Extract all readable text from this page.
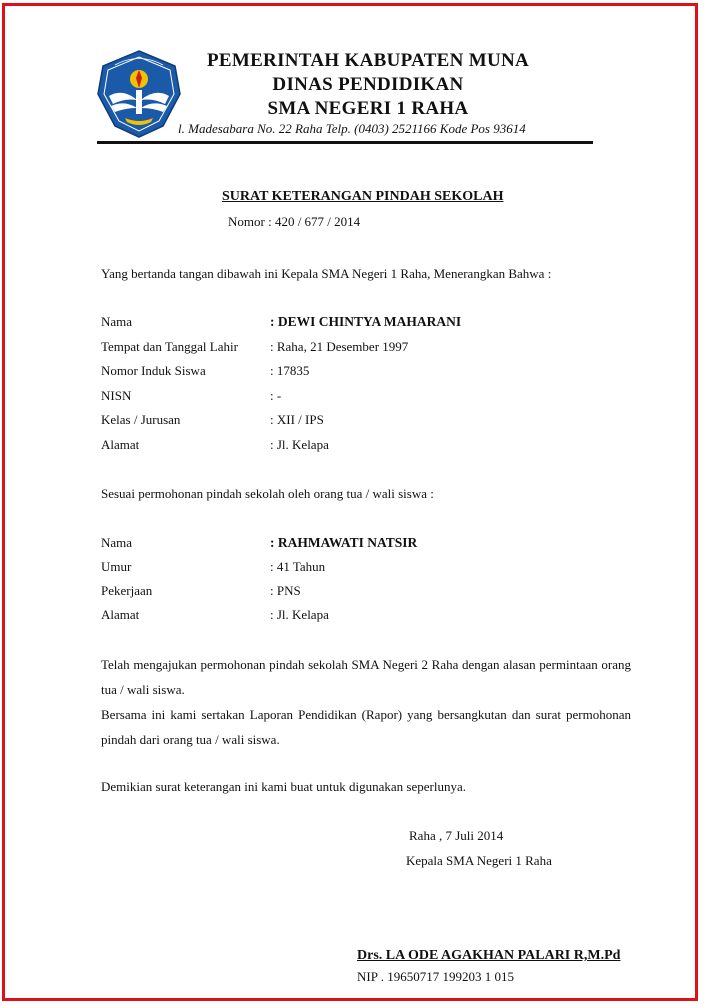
PEMERINTAH KABUPATEN MUNA
DINAS PENDIDIKAN
SMA NEGERI 1 RAHA
l. Madesabara No. 22 Raha Telp. (0403) 2521166 Kode Pos 93614
SURAT KETERANGAN PINDAH SEKOLAH
Nomor : 420 / 677 / 2014
Yang bertanda tangan dibawah ini Kepala SMA Negeri 1 Raha, Menerangkan Bahwa :
Nama	: DEWI CHINTYA MAHARANI
Tempat dan Tanggal Lahir : Raha, 21 Desember 1997
Nomor Induk Siswa	: 17835
NISN	: -
Kelas / Jurusan	: XII / IPS
Alamat	: Jl. Kelapa
Sesuai permohonan pindah sekolah oleh orang tua / wali siswa :
Nama	: RAHMAWATI NATSIR
Umur	: 41 Tahun
Pekerjaan	: PNS
Alamat	: Jl. Kelapa
Telah mengajukan permohonan pindah sekolah SMA Negeri 2 Raha dengan alasan permintaan orang tua / wali siswa.
Bersama ini kami sertakan Laporan Pendidikan (Rapor) yang bersangkutan dan surat permohonan pindah dari orang tua / wali siswa.
Demikian surat keterangan ini kami buat untuk digunakan seperlunya.
Raha , 7 Juli 2014
Kepala SMA Negeri 1 Raha
Drs. LA ODE AGAKHAN PALARI R,M.Pd
NIP . 19650717 199203 1 015
